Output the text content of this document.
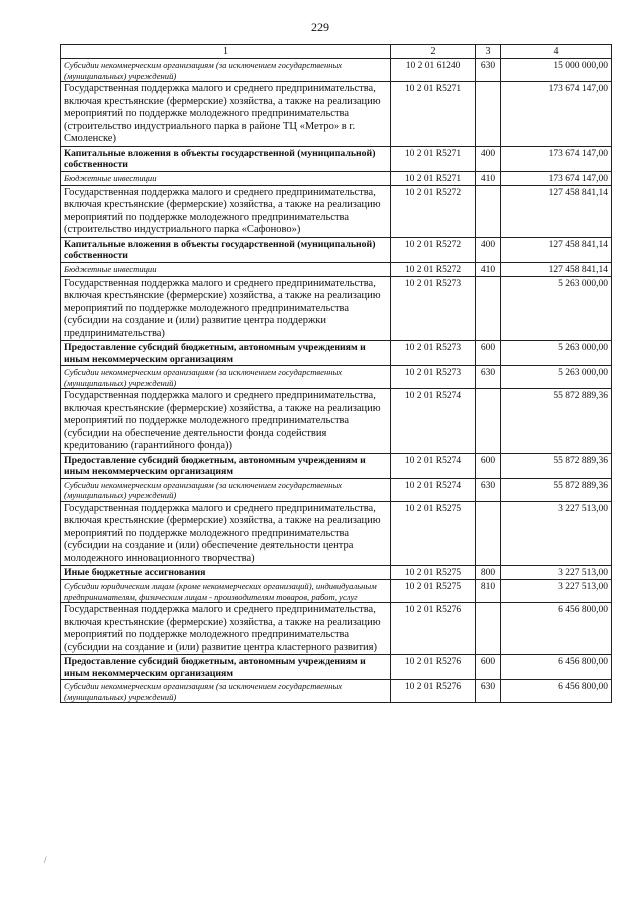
229
1	2	3	4
Субсидии некоммерческим организациям (за исключением государственных (муниципальных) учреждений)	10 2 01 61240	630	15 000 000,00
Государственная поддержка малого и среднего предпринимательства, включая крестьянские (фермерские) хозяйства, а также на реализацию мероприятий по поддержке молодежного предпринимательства (строительство индустриального парка в районе ТЦ «Метро» в г. Смоленске)	10 2 01 R5271		173 674 147,00
Капитальные вложения в объекты государственной (муниципальной) собственности	10 2 01 R5271	400	173 674 147,00
Бюджетные инвестиции	10 2 01 R5271	410	173 674 147,00
Государственная поддержка малого и среднего предпринимательства, включая крестьянские (фермерские) хозяйства, а также на реализацию мероприятий по поддержке молодежного предпринимательства (строительство индустриального парка «Сафоново»)	10 2 01 R5272		127 458 841,14
Капитальные вложения в объекты государственной (муниципальной) собственности	10 2 01 R5272	400	127 458 841,14
Бюджетные инвестиции	10 2 01 R5272	410	127 458 841,14
Государственная поддержка малого и среднего предпринимательства, включая крестьянские (фермерские) хозяйства, а также на реализацию мероприятий по поддержке молодежного предпринимательства (субсидии на создание и (или) развитие центра поддержки предпринимательства)	10 2 01 R5273		5 263 000,00
Предоставление субсидий бюджетным, автономным учреждениям и иным некоммерческим организациям	10 2 01 R5273	600	5 263 000,00
Субсидии некоммерческим организациям (за исключением государственных (муниципальных) учреждений)	10 2 01 R5273	630	5 263 000,00
Государственная поддержка малого и среднего предпринимательства, включая крестьянские (фермерские) хозяйства, а также на реализацию мероприятий по поддержке молодежного предпринимательства (субсидии на обеспечение деятельности фонда содействия кредитованию (гарантийного фонда))	10 2 01 R5274		55 872 889,36
Предоставление субсидий бюджетным, автономным учреждениям и иным некоммерческим организациям	10 2 01 R5274	600	55 872 889,36
Субсидии некоммерческим организациям (за исключением государственных (муниципальных) учреждений)	10 2 01 R5274	630	55 872 889,36
Государственная поддержка малого и среднего предпринимательства, включая крестьянские (фермерские) хозяйства, а также на реализацию мероприятий по поддержке молодежного предпринимательства (субсидии на создание и (или) обеспечение деятельности центра молодежного инновационного творчества)	10 2 01 R5275		3 227 513,00
Иные бюджетные ассигнования	10 2 01 R5275	800	3 227 513,00
Субсидии юридическим лицам (кроме некоммерческих организаций), индивидуальным предпринимателям, физическим лицам - производителям товаров, работ, услуг	10 2 01 R5275	810	3 227 513,00
Государственная поддержка малого и среднего предпринимательства, включая крестьянские (фермерские) хозяйства, а также на реализацию мероприятий по поддержке молодежного предпринимательства (субсидии на создание и (или) развитие центра кластерного развития)	10 2 01 R5276		6 456 800,00
Предоставление субсидий бюджетным, автономным учреждениям и иным некоммерческим организациям	10 2 01 R5276	600	6 456 800,00
Субсидии некоммерческим организациям (за исключением государственных (муниципальных) учреждений)	10 2 01 R5276	630	6 456 800,00
/
